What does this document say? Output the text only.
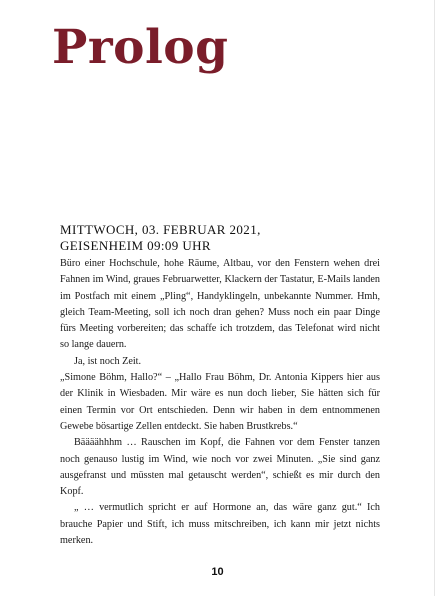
Prolog
MITTWOCH, 03. FEBRUAR 2021,
GEISENHEIM 09:09 UHR

Büro einer Hochschule, hohe Räume, Altbau, vor den Fenstern wehen drei Fahnen im Wind, graues Februarwetter, Klackern der Tastatur, E-Mails landen im Postfach mit einem „Pling“, Handyklingeln, unbekannte Nummer. Hmh, gleich Team-Meeting, soll ich noch dran gehen? Muss noch ein paar Dinge fürs Meeting vorbereiten; das schaffe ich trotzdem, das Telefonat wird nicht so lange dauern.

Ja, ist noch Zeit.

„Simone Böhm, Hallo?“ – „Hallo Frau Böhm, Dr. Antonia Kippers hier aus der Klinik in Wiesbaden. Mir wäre es nun doch lieber, Sie hätten sich für einen Termin vor Ort entschieden. Denn wir haben in dem entnommenen Gewebe bösartige Zellen entdeckt. Sie haben Brustkrebs.“

Bäääähhhm … Rauschen im Kopf, die Fahnen vor dem Fenster tanzen noch genauso lustig im Wind, wie noch vor zwei Minuten. „Sie sind ganz ausgefranst und müssten mal getauscht werden“, schießt es mir durch den Kopf.

„ … vermutlich spricht er auf Hormone an, das wäre ganz gut.“ Ich brauche Papier und Stift, ich muss mitschreiben, ich kann mir jetzt nichts merken.

10
